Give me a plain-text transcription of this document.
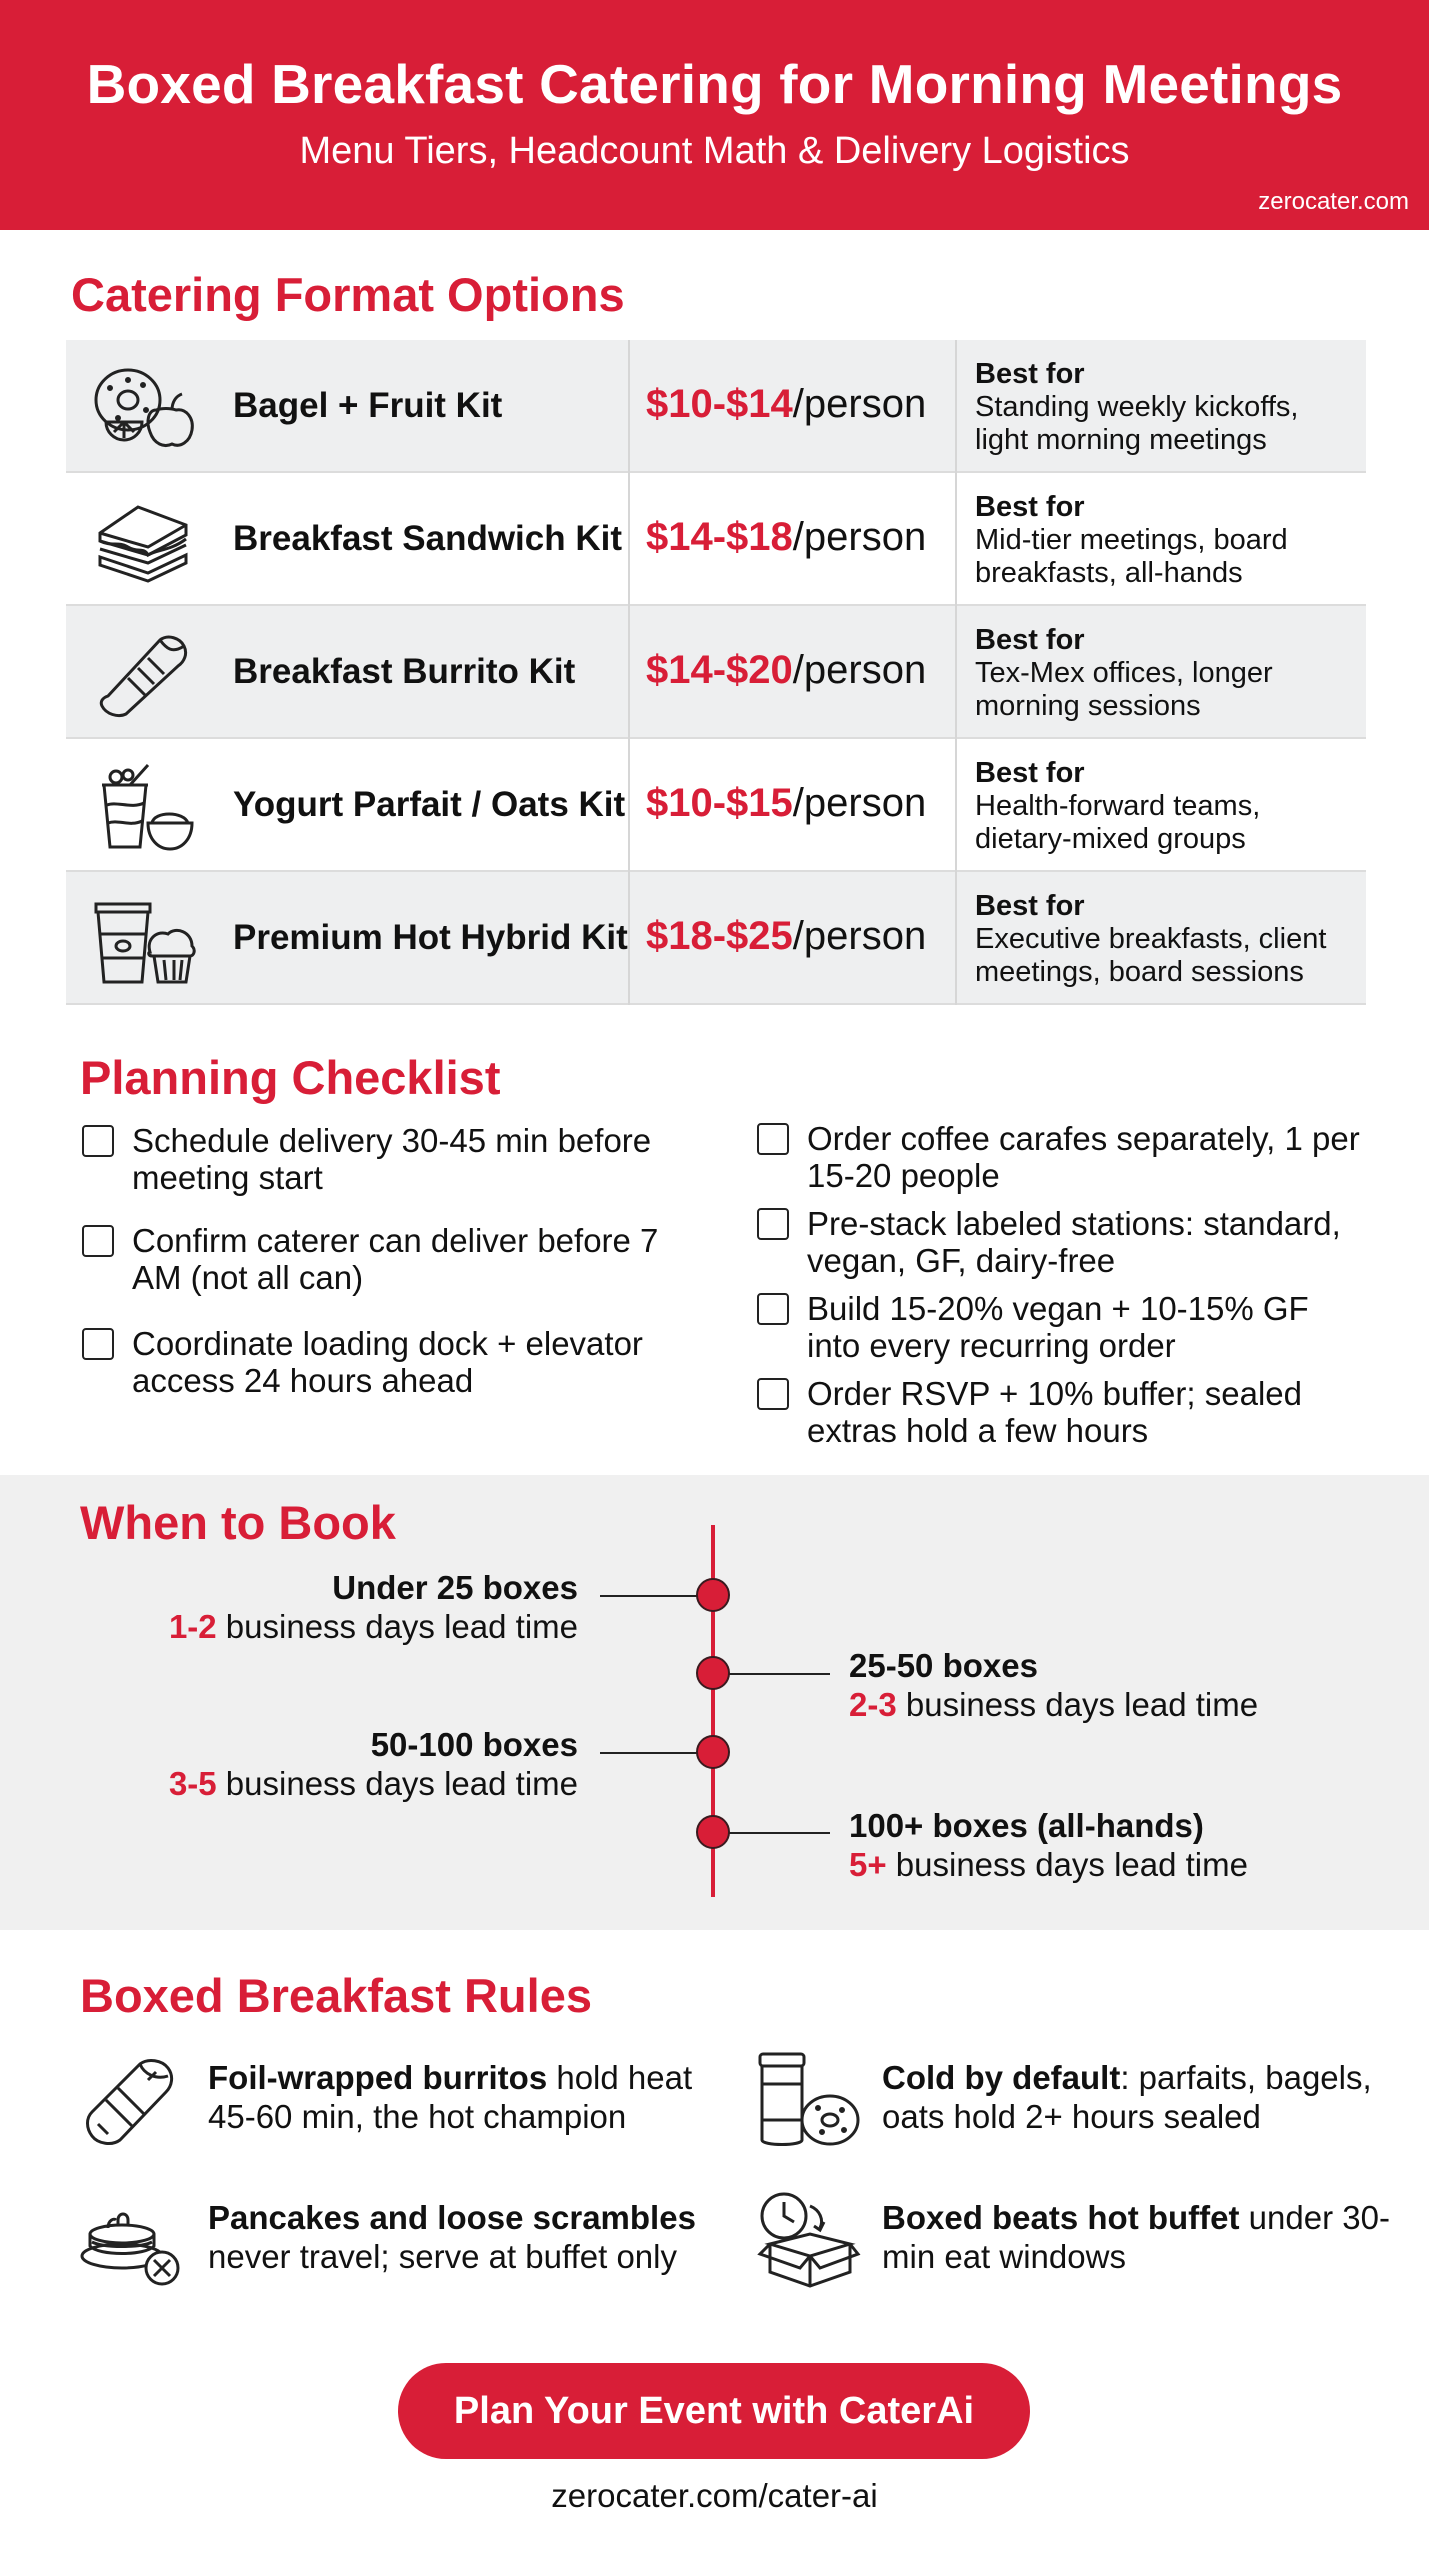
Boxed Breakfast Catering for Morning Meetings
Menu Tiers, Headcount Math & Delivery Logistics
zerocater.com
Catering Format Options
Bagel + Fruit Kit	$10-$14/person
Best for
Standing weekly kickoffs, light morning meetings
Breakfast Sandwich Kit $14-$18/person
Best for
Mid-tier meetings, board breakfasts, all-hands
Breakfast Burrito Kit $14-$20/person
Best for
Tex-Mex offices, longer morning sessions
Yogurt Parfait / Oats Kit $10-$15/person
Best for
Health-forward teams, dietary-mixed groups
Premium Hot Hybrid Kit $18-$25/person
Best for
Executive breakfasts, client meetings, board sessions
Planning Checklist
Schedule delivery 30-45 min before meeting start
Confirm caterer can deliver before 7 AM (not all can)
Coordinate loading dock + elevator access 24 hours ahead
Order coffee carafes separately, 1 per 15-20 people
Pre-stack labeled stations: standard, vegan, GF, dairy-free
Build 15-20% vegan + 10-15% GF into every recurring order
Order RSVP + 10% buffer; sealed extras hold a few hours
When to Book
Under 25 boxes
1-2 business days lead time
25-50 boxes
2-3 business days lead time
50-100 boxes
3-5 business days lead time
100+ boxes (all-hands)
5+ business days lead time
Boxed Breakfast Rules
Foil-wrapped burritos hold heat 45-60 min, the hot champion
Cold by default: parfaits, bagels, oats hold 2+ hours sealed
Pancakes and loose scrambles never travel; serve at buffet only
Boxed beats hot buffet under 30-min eat windows
Plan Your Event with CaterAi
zerocater.com/cater-ai
